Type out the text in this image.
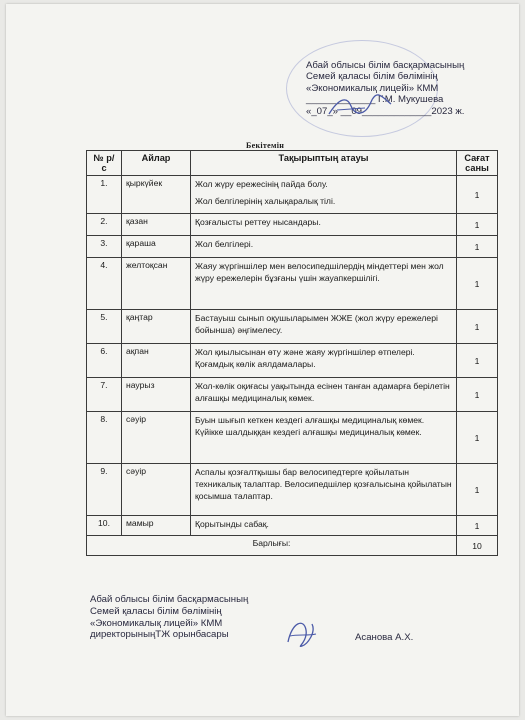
Абай облысы білім басқармасының
Семей қаласы білім бөлімінің
«Экономикалық лицейі» КММ
_____________ Г.М. Мукушева
«_07_» __09_____________2023 ж.
Бекітемін
№ р/с	Айлар	Тақырыптың атауы	Сағат саны
1.	қыркүйек	Жол жүру ережесінің пайда болу.
Жол белгілерінің халықаралық тілі.	1
2.	қазан	Қозғалысты реттеу нысандары.	1
3.	қараша	Жол белгілері.	1
4.	желтоқсан	Жаяу жүргіншілер мен велосипедшілердің міндеттері мен жол жүру ережелерін бұзғаны үшін жауапкершілігі.	1
5.	қаңтар	Бастауыш сынып оқушыларымен ЖЖЕ (жол жүру ережелері бойынша) әңгімелесу.	1
6.	ақпан	Жол қиылысынан өту және жаяу жүргіншілер өтпелері. Қоғамдық көлік аялдамалары.	1
7.	наурыз	Жол-көлік оқиғасы уақытында есінен танған адамарға берілетін алғашқы медициналық көмек.	1
8.	сәуір	Буын шығып кеткен кездегі алғашқы медициналық көмек. Күйікке шалдыққан кездегі алғашқы медициналық көмек.	1
9.	сәуір	Аспалы қозғалтқышы бар велосипедтерге қойылатын техникалық талаптар. Велосипедшілер қозғалысына қойылатын қосымша талаптар.	1
10.	мамыр	Қорытынды сабақ.	1
Барлығы:			10
Абай облысы білім басқармасының
Семей қаласы білім бөлімінің
«Экономикалық лицейі» КММ
директорыныңТЖ орынбасары	Асанова А.Х.
